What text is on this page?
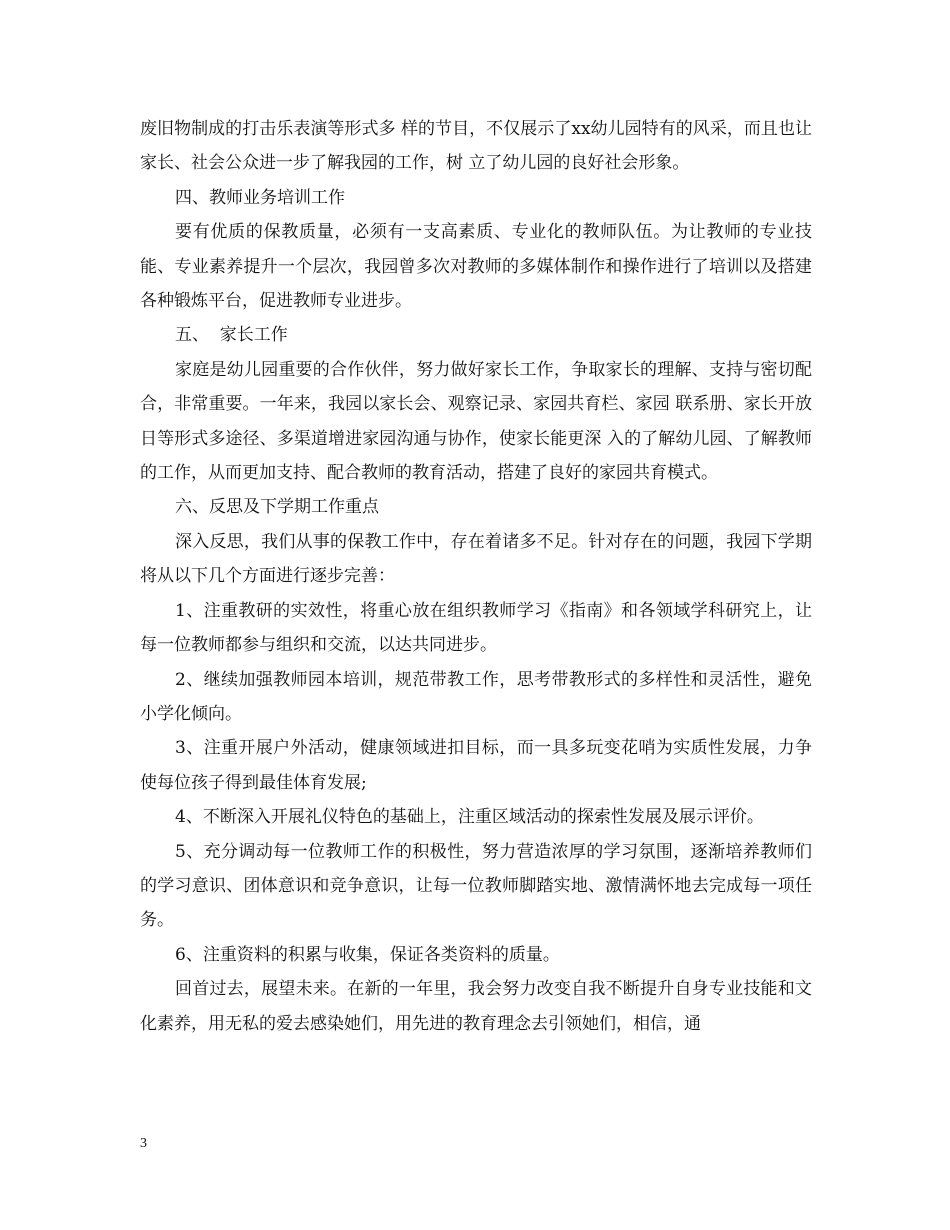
废旧物制成的打击乐表演等形式多 样的节目，不仅展示了xx幼儿园特有的风采，而且也让家长、社会公众进一步了解我园的工作，树 立了幼儿园的良好社会形象。

四、教师业务培训工作

要有优质的保教质量，必须有一支高素质、专业化的教师队伍。为让教师的专业技能、专业素养提升一个层次，我园曾多次对教师的多媒体制作和操作进行了培训以及搭建各种锻炼平台，促进教师专业进步。

五、  家长工作

家庭是幼儿园重要的合作伙伴，努力做好家长工作，争取家长的理解、支持与密切配合，非常重要。一年来，我园以家长会、观察记录、家园共育栏、家园 联系册、家长开放日等形式多途径、多渠道增进家园沟通与协作，使家长能更深 入的了解幼儿园、了解教师的工作，从而更加支持、配合教师的教育活动，搭建了良好的家园共育模式。

六、反思及下学期工作重点

深入反思，我们从事的保教工作中，存在着诸多不足。针对存在的问题，我园下学期将从以下几个方面进行逐步完善：

1、注重教研的实效性，将重心放在组织教师学习《指南》和各领域学科研究上，让每一位教师都参与组织和交流，以达共同进步。

2、继续加强教师园本培训，规范带教工作，思考带教形式的多样性和灵活性，避免小学化倾向。

3、注重开展户外活动，健康领域进扣目标，而一具多玩变花哨为实质性发展，力争使每位孩子得到最佳体育发展;

4、不断深入开展礼仪特色的基础上，注重区域活动的探索性发展及展示评价。

5、充分调动每一位教师工作的积极性，努力营造浓厚的学习氛围，逐渐培养教师们的学习意识、团体意识和竞争意识，让每一位教师脚踏实地、激情满怀地去完成每一项任务。

6、注重资料的积累与收集，保证各类资料的质量。

回首过去，展望未来。在新的一年里，我会努力改变自我不断提升自身专业技能和文化素养，用无私的爱去感染她们，用先进的教育理念去引领她们，相信，通

3
